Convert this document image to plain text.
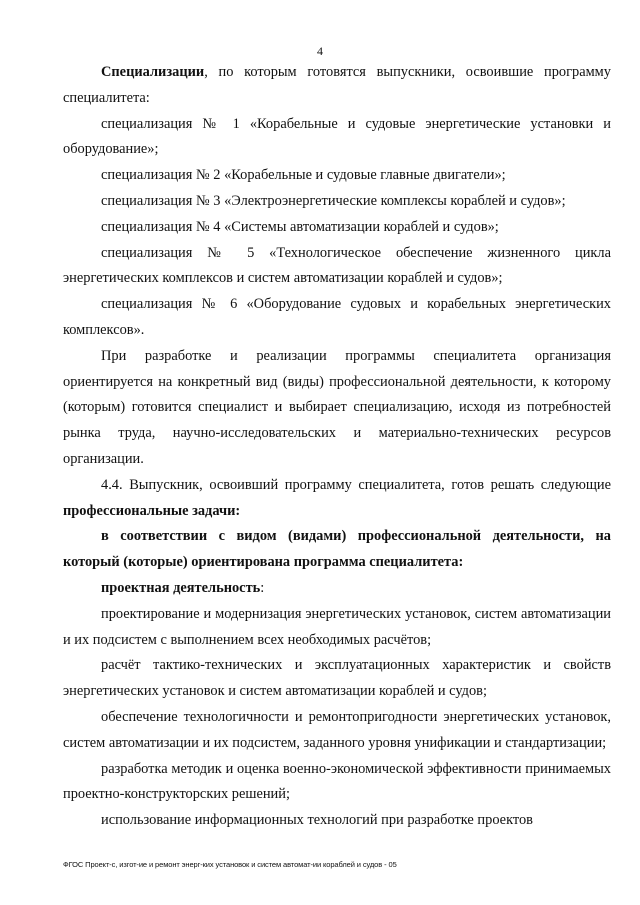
4

Специализации, по которым готовятся выпускники, освоившие программу специалитета:

специализация № 1 «Корабельные и судовые энергетические установки и оборудование»;

специализация № 2 «Корабельные и судовые главные двигатели»;

специализация № 3 «Электроэнергетические комплексы кораблей и судов»;

специализация № 4 «Системы автоматизации кораблей и судов»;

специализация № 5 «Технологическое обеспечение жизненного цикла энергетических комплексов и систем автоматизации кораблей и судов»;

специализация № 6 «Оборудование судовых и корабельных энергетических комплексов».

При разработке и реализации программы специалитета организация ориентируется на конкретный вид (виды) профессиональной деятельности, к которому (которым) готовится специалист и выбирает специализацию, исходя из потребностей рынка труда, научно-исследовательских и материально-технических ресурсов организации.

4.4. Выпускник, освоивший программу специалитета, готов решать следующие профессиональные задачи:

в соответствии с видом (видами) профессиональной деятельности, на который (которые) ориентирована программа специалитета:

проектная деятельность:

проектирование и модернизация энергетических установок, систем автоматизации и их подсистем с выполнением всех необходимых расчётов;

расчёт тактико-технических и эксплуатационных характеристик и свойств энергетических установок и систем автоматизации кораблей и судов;

обеспечение технологичности и ремонтопригодности энергетических установок, систем автоматизации и их подсистем, заданного уровня унификации и стандартизации;

разработка методик и оценка военно-экономической эффективности принимаемых проектно-конструкторских решений;

использование информационных технологий при разработке проектов

ФГОС Проект-с, изгот-ие и ремонт энерг-ких установок и систем автомат-ии кораблей и судов - 05
